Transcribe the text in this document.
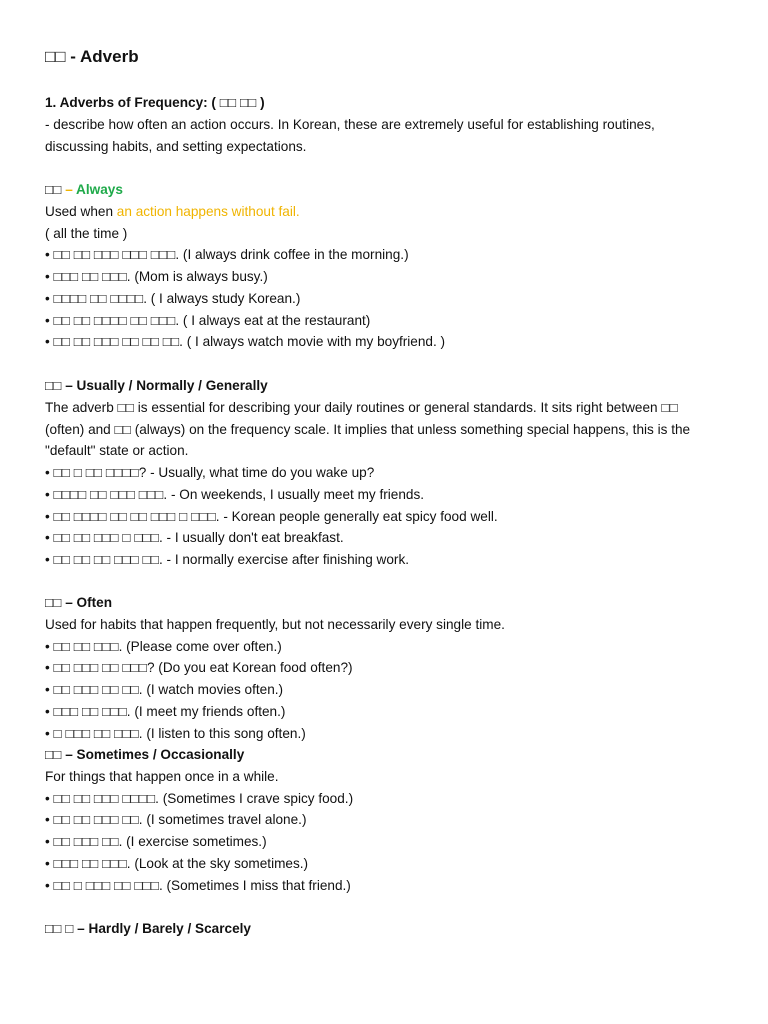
□□ - Adverb
1. Adverbs of Frequency: ( □□ □□ )
- describe how often an action occurs. In Korean, these are extremely useful for establishing routines,
discussing habits, and setting expectations.
□□ – Always
Used when an action happens without fail.
( all the time )
• □□ □□ □□□ □□□ □□□. (I always drink coffee in the morning.)
• □□□ □□ □□□. (Mom is always busy.)
• □□□□ □□ □□□□. ( I always study Korean.)
• □□ □□ □□□□ □□ □□□. ( I always eat at the restaurant)
• □□ □□ □□□ □□ □□ □□. ( I always watch movie with my boyfriend. )
□□ – Usually / Normally / Generally
The adverb □□ is essential for describing your daily routines or general standards. It sits right between □□
(often) and □□ (always) on the frequency scale. It implies that unless something special happens, this is the
"default" state or action.
• □□ □ □□ □□□□? - Usually, what time do you wake up?
• □□□□ □□ □□□ □□□. - On weekends, I usually meet my friends.
• □□ □□□□ □□ □□ □□□ □ □□□. - Korean people generally eat spicy food well.
• □□ □□ □□□ □ □□□. - I usually don't eat breakfast.
• □□ □□ □□ □□□ □□. - I normally exercise after finishing work.
□□ – Often
Used for habits that happen frequently, but not necessarily every single time.
• □□ □□ □□□. (Please come over often.)
• □□ □□□ □□ □□□? (Do you eat Korean food often?)
• □□ □□□ □□ □□. (I watch movies often.)
• □□□ □□ □□□. (I meet my friends often.)
• □ □□□ □□ □□□. (I listen to this song often.)
□□ – Sometimes / Occasionally
For things that happen once in a while.
• □□ □□ □□□ □□□□. (Sometimes I crave spicy food.)
• □□ □□ □□□ □□. (I sometimes travel alone.)
• □□ □□□ □□. (I exercise sometimes.)
• □□□ □□ □□□. (Look at the sky sometimes.)
• □□ □ □□□ □□ □□□. (Sometimes I miss that friend.)
□□ □ – Hardly / Barely / Scarcely
